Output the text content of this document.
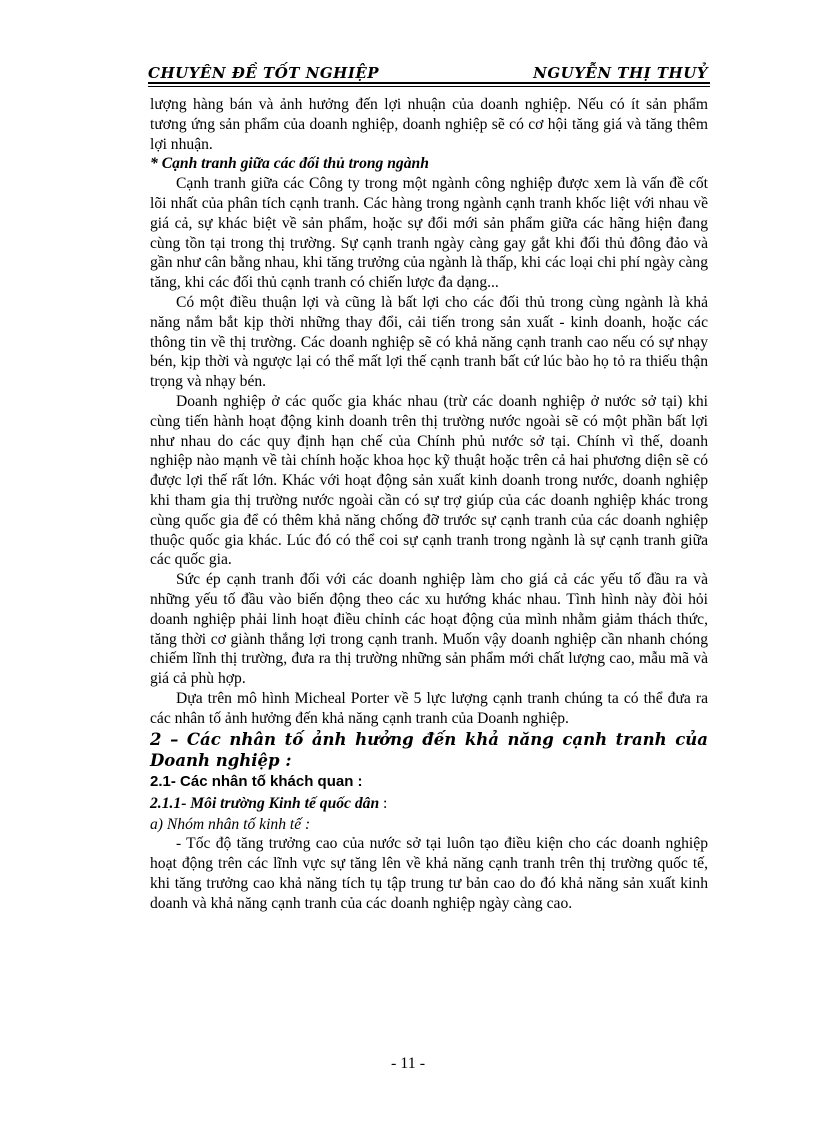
CHUYÊN ĐỀ TỐT NGHIỆP	NGUYỄN THỊ THUỶ

lượng hàng bán và ảnh hưởng đến lợi nhuận của doanh nghiệp. Nếu có ít sản phẩm tương ứng sản phẩm của doanh nghiệp, doanh nghiệp sẽ có cơ hội tăng giá và tăng thêm lợi nhuận.

* Cạnh tranh giữa các đối thủ trong ngành

Cạnh tranh giữa các Công ty trong một ngành công nghiệp được xem là vấn đề cốt lõi nhất của phân tích cạnh tranh. Các hàng trong ngành cạnh tranh khốc liệt với nhau về giá cả, sự khác biệt về sản phẩm, hoặc sự đổi mới sản phẩm giữa các hãng hiện đang cùng tồn tại trong thị trường. Sự cạnh tranh ngày càng gay gắt khi đối thủ đông đảo và gần như cân bằng nhau, khi tăng trưởng của ngành là thấp, khi các loại chi phí ngày càng tăng, khi các đối thủ cạnh tranh có chiến lược đa dạng...

Có một điều thuận lợi và cũng là bất lợi cho các đối thủ trong cùng ngành là khả năng nắm bắt kịp thời những thay đổi, cải tiến trong sản xuất - kinh doanh, hoặc các thông tin về thị trường. Các doanh nghiệp sẽ có khả năng cạnh tranh cao nếu có sự nhạy bén, kịp thời và ngược lại có thể mất lợi thế cạnh tranh bất cứ lúc bào họ tỏ ra thiếu thận trọng và nhạy bén.

Doanh nghiệp ở các quốc gia khác nhau (trừ các doanh nghiệp ở nước sở tại) khi cùng tiến hành hoạt động kinh doanh trên thị trường nước ngoài sẽ có một phần bất lợi như nhau do các quy định hạn chế của Chính phủ nước sở tại. Chính vì thế, doanh nghiệp nào mạnh về tài chính hoặc khoa học kỹ thuật hoặc trên cả hai phương diện sẽ có được lợi thế rất lớn. Khác với hoạt động sản xuất kinh doanh trong nước, doanh nghiệp khi tham gia thị trường nước ngoài cần có sự trợ giúp của các doanh nghiệp khác trong cùng quốc gia để có thêm khả năng chống đỡ trước sự cạnh tranh của các doanh nghiệp thuộc quốc gia khác. Lúc đó có thể coi sự cạnh tranh trong ngành là sự cạnh tranh giữa các quốc gia.

Sức ép cạnh tranh đối với các doanh nghiệp làm cho giá cả các yếu tố đầu ra và những yếu tố đầu vào biến động theo các xu hướng khác nhau. Tình hình này đòi hỏi doanh nghiệp phải linh hoạt điều chỉnh các hoạt động của mình nhằm giảm thách thức, tăng thời cơ giành thắng lợi trong cạnh tranh. Muốn vậy doanh nghiệp cần nhanh chóng chiếm lĩnh thị trường, đưa ra thị trường những sản phẩm mới chất lượng cao, mẫu mã và giá cả phù hợp.

Dựa trên mô hình Micheal Porter về 5 lực lượng cạnh tranh chúng ta có thể đưa ra các nhân tố ảnh hưởng đến khả năng cạnh tranh của Doanh nghiệp.

2 – Các nhân tố ảnh hưởng đến khả năng cạnh tranh của Doanh nghiệp :

2.1- Các nhân tố khách quan :

2.1.1- Môi trường Kinh tế quốc dân :

a) Nhóm nhân tố kinh tế :

- Tốc độ tăng trưởng cao của nước sở tại luôn tạo điều kiện cho các doanh nghiệp hoạt động trên các lĩnh vực sự tăng lên về khả năng cạnh tranh trên thị trường quốc tế, khi tăng trưởng cao khả năng tích tụ tập trung tư bản cao do đó khả năng sản xuất kinh doanh và khả năng cạnh tranh của các doanh nghiệp ngày càng cao.

- 11 -
